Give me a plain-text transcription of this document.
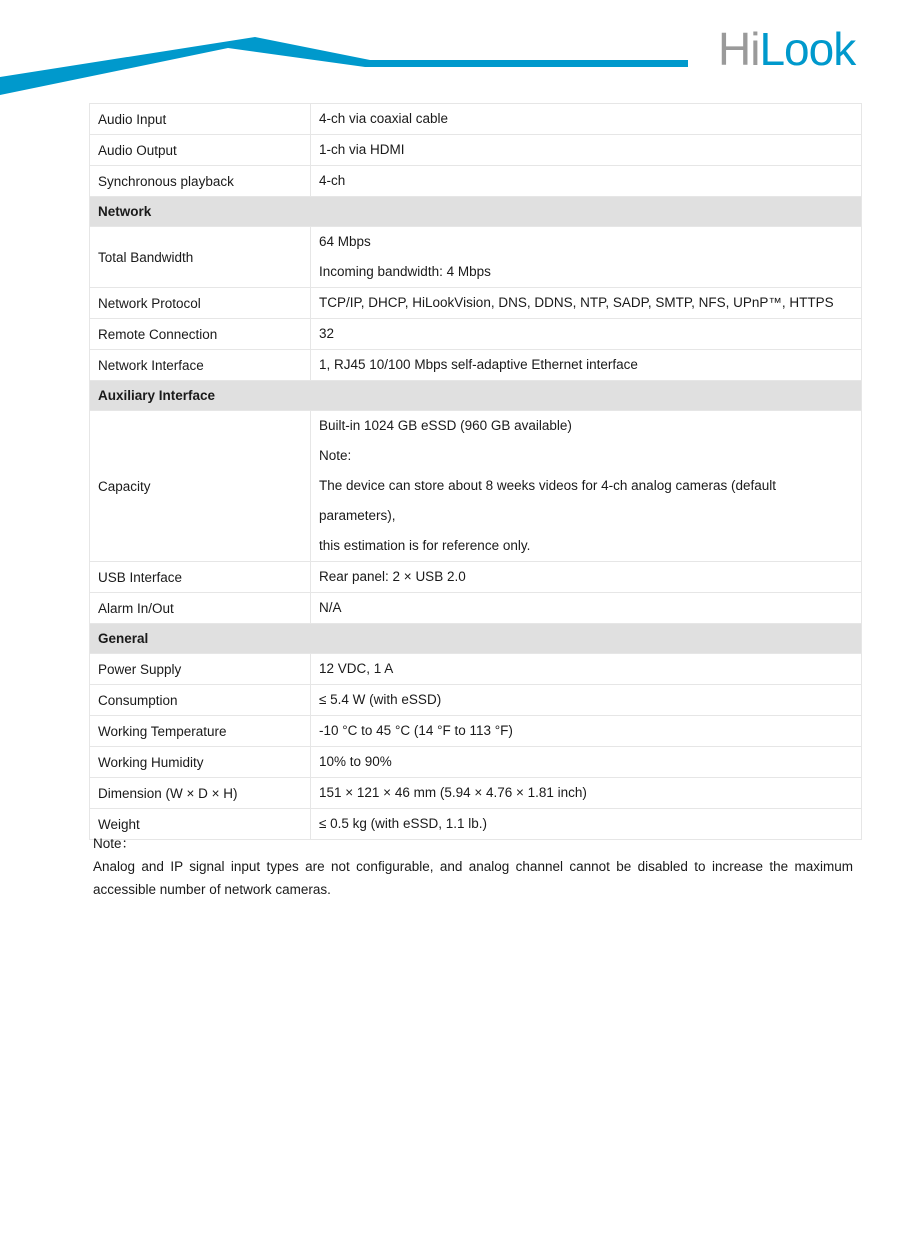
Hi Look
Audio Input	4-ch via coaxial cable

Audio Output	1-ch via HDMI

Synchronous playback	4-ch

Network	
Total Bandwidth	64 Mbps
Incoming bandwidth: 4 Mbps

Network Protocol	TCP/IP, DHCP, HiLookVision, DNS, DDNS, NTP, SADP, SMTP, NFS, UPnP™, HTTPS

Remote Connection	32

Network Interface	1, RJ45 10/100 Mbps self-adaptive Ethernet interface

Auxiliary Interface	
Capacity	Built-in 1024 GB eSSD (960 GB available)
Note:
The device can store about 8 weeks videos for 4-ch analog cameras (default parameters),
this estimation is for reference only.

USB Interface	Rear panel: 2 × USB 2.0

Alarm In/Out	N/A

General	
Power Supply	12 VDC, 1 A

Consumption	≤ 5.4 W (with eSSD)

Working Temperature	-10 °C to 45 °C (14 °F to 113 °F)

Working Humidity	10% to 90%

Dimension (W × D × H)	151 × 121 × 46 mm (5.94 × 4.76 × 1.81 inch)

Weight	≤ 0.5 kg (with eSSD, 1.1 lb.)

Note：

Analog and IP signal input types are not configurable, and analog channel cannot be disabled to increase the maximum accessible number of network cameras.
